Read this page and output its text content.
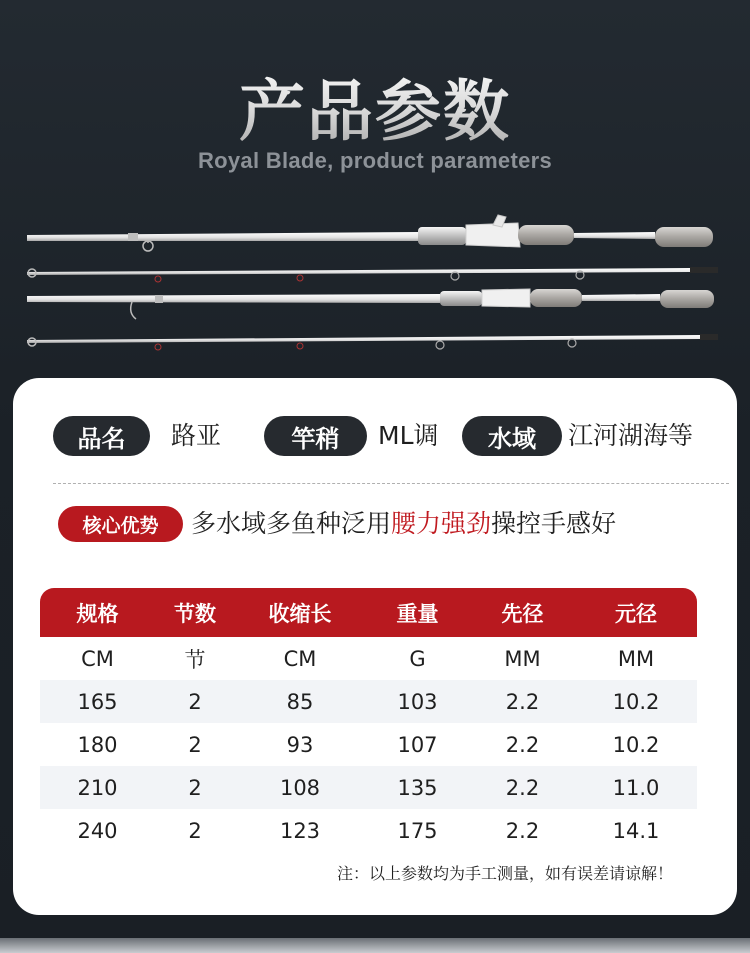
产品参数
Royal Blade, product parameters
品名	路亚	竿稍	ML调	水域	江河湖海等
核心优势	多水域多鱼种泛用腰力强劲操控手感好
规格	节数	收缩长	重量	先径	元径
CM	节	CM	G	MM	MM
165	2	85	103	2.2	10.2
180	2	93	107	2.2	10.2
210	2	108	135	2.2	11.0
240	2	123	175	2.2	14.1
注：以上参数均为手工测量，如有误差请谅解！
